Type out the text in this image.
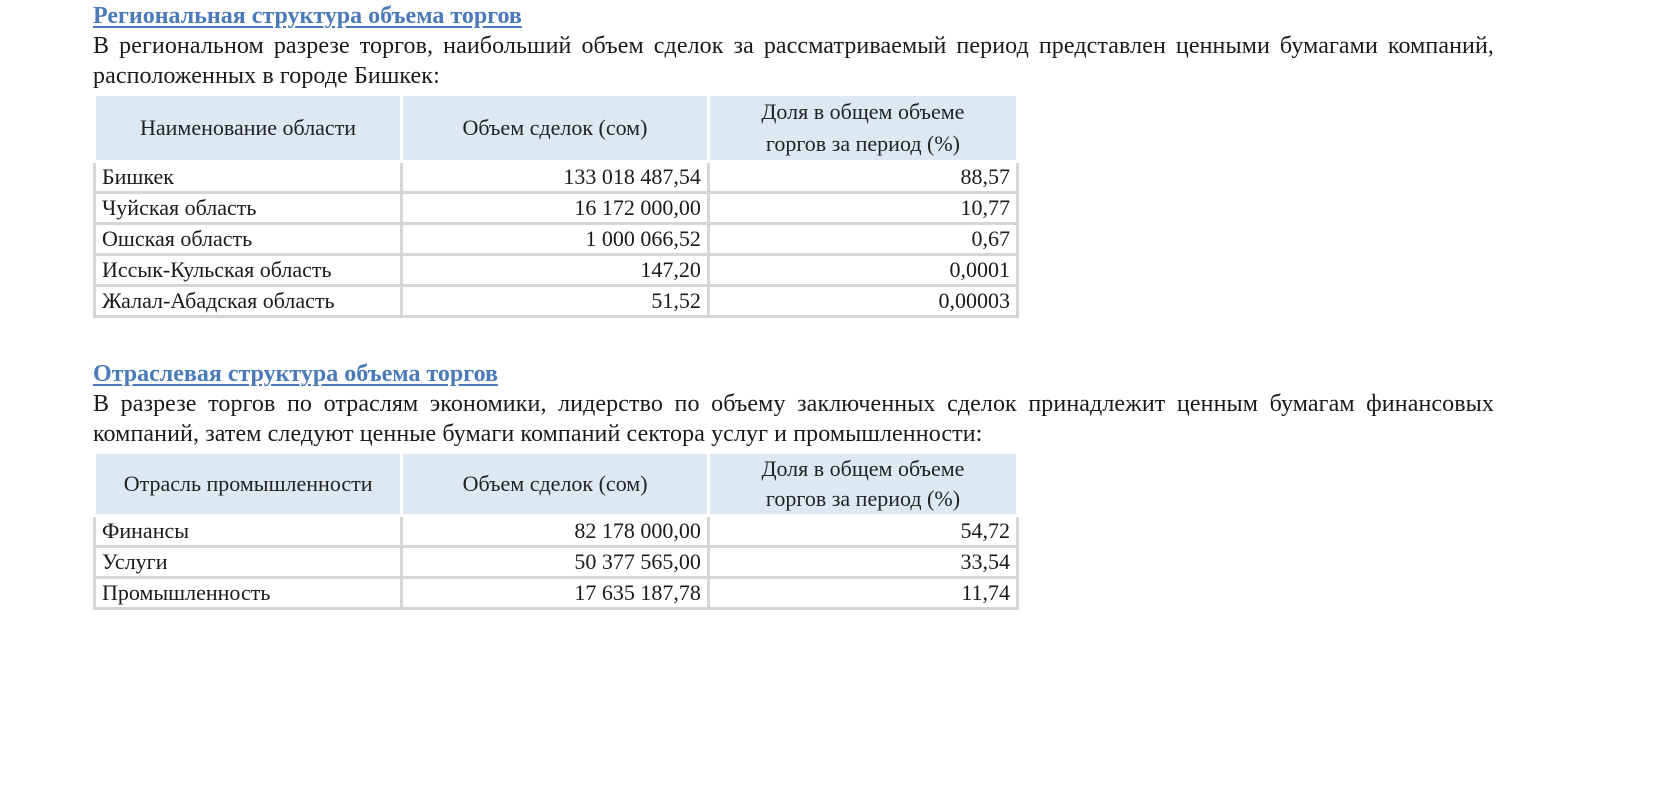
Региональная структура объема торгов

В региональном разрезе торгов, наибольший объем сделок за рассматриваемый период представлен ценными бумагами компаний, расположенных в городе Бишкек:

Наименование области	Объем сделок (сом)	Доля в общем объеме горгов за период (%)
Бишкек	133 018 487,54	88,57
Чуйская область	16 172 000,00	10,77
Ошская область	1 000 066,52	0,67
Иссык-Кульская область	147,20	0,0001
Жалал-Абадская область	51,52	0,00003
Отраслевая структура объема торгов

В разрезе торгов по отраслям экономики, лидерство по объему заключенных сделок принадлежит ценным бумагам финансовых компаний, затем следуют ценные бумаги компаний сектора услуг и промышленности:

Отрасль промышленности	Объем сделок (сом)	Доля в общем объеме горгов за период (%)
Финансы	82 178 000,00	54,72
Услуги	50 377 565,00	33,54
Промышленность	17 635 187,78	11,74
